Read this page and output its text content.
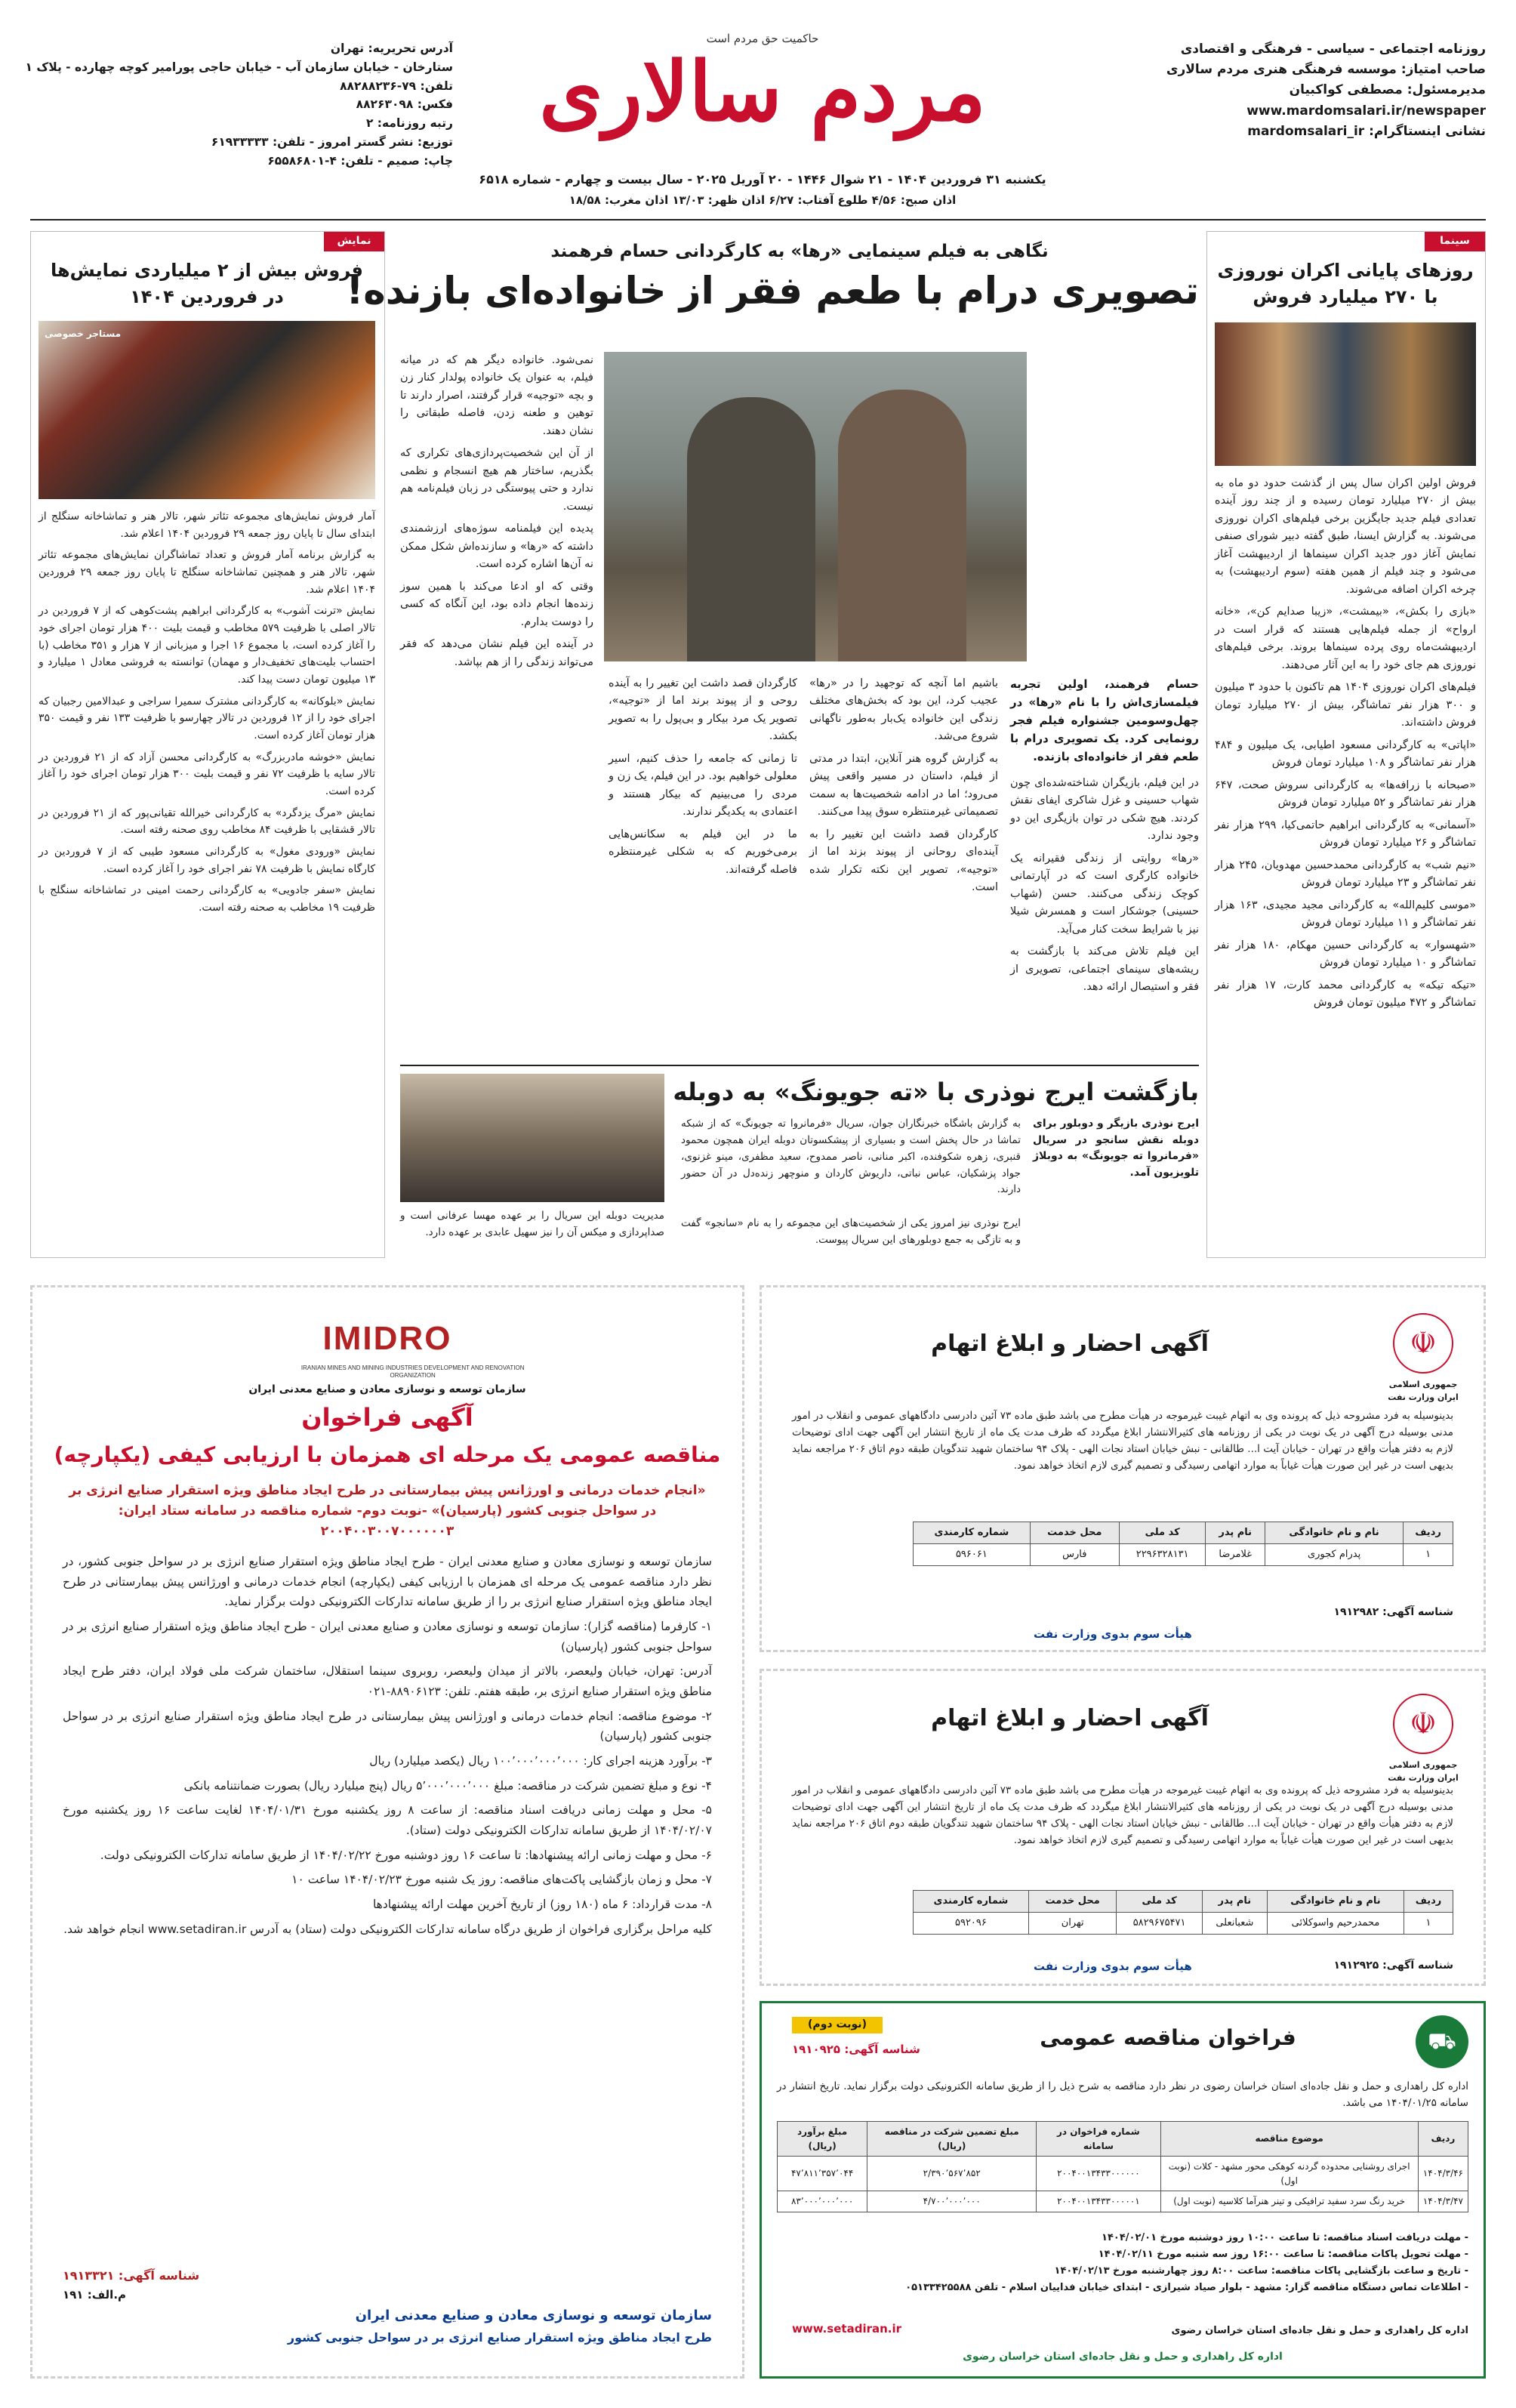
روزنامه اجتماعی - سیاسی - فرهنگی و اقتصادی
صاحب امتیاز: موسسه فرهنگی هنری مردم سالاری
مدیرمسئول: مصطفی کواکبیان
www.mardomsalari.ir/newspaper
نشانی اینستاگرام: mardomsalari_ir
حاکمیت حق مردم است
مردم سالاری
یکشنبه ۳۱ فروردین ۱۴۰۴ - ۲۱ شوال ۱۴۴۶ - ۲۰ آوریل ۲۰۲۵ - سال بیست و چهارم - شماره ۶۵۱۸
اذان صبح: ۴/۵۶ طلوع آفتاب: ۶/۲۷ اذان ظهر: ۱۳/۰۳ اذان مغرب: ۱۸/۵۸
آدرس تحریریه: تهران
ستارخان - خیابان سازمان آب - خیابان حاجی پورامیر کوچه چهارده - پلاک ۱
تلفن: ۷۹-۸۸۲۸۸۲۳۶
فکس: ۸۸۲۶۳۰۹۸
رتبه روزنامه: ۲
توزیع: نشر گستر امروز - تلفن: ۶۱۹۳۳۳۳۳
چاپ: صمیم - تلفن: ۴-۶۵۵۸۶۸۰۱
سینما
روزهای پایانی اکران نوروزی با ۲۷۰ میلیارد فروش

فروش اولین اکران سال پس از گذشت حدود دو ماه به بیش از ۲۷۰ میلیارد تومان رسیده و از چند روز آینده تعدادی فیلم جدید جایگزین برخی فیلم‌های اکران نوروزی می‌شوند. به گزارش ایسنا، طبق گفته دبیر شورای صنفی نمایش آغاز دور جدید اکران سینماها از اردیبهشت آغاز می‌شود و چند فیلم از همین هفته (سوم اردیبهشت) به چرخه اکران اضافه می‌شوند.

«بازی را بکش»، «بیمشت»، «زیبا صدایم کن»، «خانه ارواح» از جمله فیلم‌هایی هستند که قرار است در اردیبهشت‌ماه روی پرده سینماها بروند. برخی فیلم‌های نوروزی هم جای خود را به این آثار می‌دهند.

فیلم‌های اکران نوروزی ۱۴۰۴ هم تاکنون با حدود ۳ میلیون و ۳۰۰ هزار نفر تماشاگر، بیش از ۲۷۰ میلیارد تومان فروش داشته‌اند.

«اپاتی» به کارگردانی مسعود اطیابی، یک میلیون و ۴۸۴ هزار نفر تماشاگر و ۱۰۸ میلیارد تومان فروش

«صبحانه با زرافه‌ها» به کارگردانی سروش صحت، ۶۴۷ هزار نفر تماشاگر و ۵۲ میلیارد تومان فروش

«آسمانی» به کارگردانی ابراهیم حاتمی‌کیا، ۲۹۹ هزار نفر تماشاگر و ۲۶ میلیارد تومان فروش

«نیم شب» به کارگردانی محمدحسین مهدویان، ۲۴۵ هزار نفر تماشاگر و ۲۳ میلیارد تومان فروش

«موسی کلیم‌الله» به کارگردانی مجید مجیدی، ۱۶۳ هزار نفر تماشاگر و ۱۱ میلیارد تومان فروش

«شهسوار» به کارگردانی حسین مهکام، ۱۸۰ هزار نفر تماشاگر و ۱۰ میلیارد تومان فروش

«تیکه تیکه» به کارگردانی محمد کارت، ۱۷ هزار نفر تماشاگر و ۴۷۲ میلیون تومان فروش

نمایش
فروش بیش از ۲ میلیاردی نمایش‌ها در فروردین ۱۴۰۴
مستاجر خصوصی

آمار فروش نمایش‌های مجموعه تئاتر شهر، تالار هنر و تماشاخانه سنگلج از ابتدای سال تا پایان روز جمعه ۲۹ فروردین ۱۴۰۴ اعلام شد.

به گزارش برنامه آمار فروش و تعداد تماشاگران نمایش‌های مجموعه تئاتر شهر، تالار هنر و همچنین تماشاخانه سنگلج تا پایان روز جمعه ۲۹ فروردین ۱۴۰۴ اعلام شد.

نمایش «ترنت آشوب» به کارگردانی ابراهیم پشت‌کوهی که از ۷ فروردین در تالار اصلی با ظرفیت ۵۷۹ مخاطب و قیمت بلیت ۴۰۰ هزار تومان اجرای خود را آغاز کرده است، با مجموع ۱۶ اجرا و میزبانی از ۷ هزار و ۳۵۱ مخاطب (با احتساب بلیت‌های تخفیف‌دار و مهمان) توانسته به فروشی معادل ۱ میلیارد و ۱۳ میلیون تومان دست پیدا کند.

نمایش «بلوکانه» به کارگردانی مشترک سمیرا سراجی و عبدالامین رجبیان که اجرای خود را از ۱۲ فروردین در تالار چهارسو با ظرفیت ۱۳۳ نفر و قیمت ۳۵۰ هزار تومان آغاز کرده است.

نمایش «خوشه مادربزرگ» به کارگردانی محسن آزاد که از ۲۱ فروردین در تالار سایه با ظرفیت ۷۲ نفر و قیمت بلیت ۳۰۰ هزار تومان اجرای خود را آغاز کرده است.

نمایش «مرگ یزدگرد» به کارگردانی خیرالله تقیانی‌پور که از ۲۱ فروردین در تالار قشقایی با ظرفیت ۸۴ مخاطب روی صحنه رفته است.

نمایش «ورودی مغول» به کارگردانی مسعود طیبی که از ۷ فروردین در کارگاه نمایش با ظرفیت ۷۸ نفر اجرای خود را آغاز کرده است.

نمایش «سفر جادویی» به کارگردانی رحمت امینی در تماشاخانه سنگلج با ظرفیت ۱۹ مخاطب به صحنه رفته است.

نگاهی به فیلم سینمایی «رها» به کارگردانی حسام فرهمند
تصویری درام با طعم فقر از خانواده‌ای بازنده!
حسام فرهمند، اولین تجربه فیلمسازی‌اش را با نام «رها» در چهل‌وسومین جشنواره فیلم فجر رونمایی کرد. یک تصویری درام با طعم فقر از خانواده‌ای بازنده.

در این فیلم، بازیگران شناخته‌شده‌ای چون شهاب حسینی و غزل شاکری ایفای نقش کردند. هیچ شکی در توان بازیگری این دو وجود ندارد.

«رها» روایتی از زندگی فقیرانه یک خانواده کارگری است که در آپارتمانی کوچک زندگی می‌کنند. حسن (شهاب حسینی) جوشکار است و همسرش شیلا نیز با شرایط سخت کنار می‌آید.

این فیلم تلاش می‌کند با بازگشت به ریشه‌های سینمای اجتماعی، تصویری از فقر و استیصال ارائه دهد.

باشیم اما آنچه که توجهید را در «رها» عجیب کرد، این بود که بخش‌های مختلف زندگی این خانواده یک‌بار به‌طور ناگهانی شروع می‌شد.

به گزارش گروه هنر آنلاین، ابتدا در مدتی از فیلم، داستان در مسیر واقعی پیش می‌رود؛ اما در ادامه شخصیت‌ها به سمت تصمیماتی غیرمنتظره سوق پیدا می‌کنند.

کارگردان قصد داشت این تغییر را به آینده‌ای روحانی از پیوند بزند اما از «توجیه»، تصویر این نکته تکرار شده است.

کارگردان قصد داشت این تغییر را به آینده روحی و از پیوند برند اما از «توجیه»، تصویر یک مرد بیکار و بی‌پول را به تصویر بکشد.

تا زمانی که جامعه را حذف کنیم، اسیر معلولی خواهیم بود. در این فیلم، یک زن و مردی را می‌بینیم که بیکار هستند و اعتمادی به یکدیگر ندارند.

ما در این فیلم به سکانس‌هایی برمی‌خوریم که به شکلی غیرمنتظره فاصله گرفته‌اند.

نمی‌شود. خانواده دیگر هم که در میانه فیلم، به عنوان یک خانواده پولدار کنار زن و بچه «توجیه» قرار گرفتند، اصرار دارند تا توهین و طعنه زدن، فاصله طبقاتی را نشان دهند.

از آن این شخصیت‌پردازی‌های تکراری که بگذریم، ساختار هم هیچ انسجام و نظمی ندارد و حتی پیوستگی در زبان فیلم‌نامه هم نیست.

پدیده این فیلمنامه سوژه‌های ارزشمندی داشته که «رها» و سازنده‌اش شکل ممکن نه آن‌ها اشاره کرده است.

وقتی که او ادعا می‌کند با همین سوز زنده‌ها انجام داده بود، این آنگاه که کسی را دوست بدارم.

در آینده این فیلم نشان می‌دهد که فقر می‌تواند زندگی را از هم بپاشد.

بازگشت ایرج نوذری با «ته جویونگ» به دوبله
ایرج نوذری بازیگر و دوبلور برای دوبله نقش سانجو در سریال «فرمانروا ته جویونگ» به دوبلاژ تلویزیون آمد.
به گزارش باشگاه خبرنگاران جوان، سریال «فرمانروا ته جویونگ» که از شبکه تماشا در حال پخش است و بسیاری از پیشکسوتان دوبله ایران همچون محمود قنبری، زهره شکوفنده، اکبر منانی، ناصر ممدوح، سعید مظفری، مینو غزنوی، جواد پزشکیان، عباس نباتی، داریوش کاردان و منوچهر زنده‌دل در آن حضور دارند.
مدیریت دوبله این سریال را بر عهده مهسا عرفانی است و صداپردازی و میکس آن را نیز سهیل عابدی بر عهده دارد.
ایرج نوذری نیز امروز یکی از شخصیت‌های این مجموعه را به نام «سانجو» گفت و به تازگی به جمع دوبلورهای این سریال پیوست.
IMIDRO
IRANIAN MINES AND MINING INDUSTRIES DEVELOPMENT AND RENOVATION ORGANIZATION
سازمان توسعه و نوسازی معادن و صنایع معدنی ایران
آگهی فراخوان
مناقصه عمومی یک مرحله ای همزمان با ارزیابی کیفی (یکپارچه)
«انجام خدمات درمانی و اورژانس پیش بیمارستانی در طرح ایجاد مناطق ویژه استقرار صنایع انرژی بر در سواحل جنوبی کشور (پارسیان)» -نوبت دوم- شماره مناقصه در سامانه ستاد ایران: ۲۰۰۴۰۰۳۰۰۷۰۰۰۰۰۰۳

سازمان توسعه و نوسازی معادن و صنایع معدنی ایران - طرح ایجاد مناطق ویژه استقرار صنایع انرژی بر در سواحل جنوبی کشور، در نظر دارد مناقصه عمومی یک مرحله ای همزمان با ارزیابی کیفی (یکپارچه) انجام خدمات درمانی و اورژانس پیش بیمارستانی در طرح ایجاد مناطق ویژه استقرار صنایع انرژی بر را از طریق سامانه تدارکات الکترونیکی دولت برگزار نماید.

۱- کارفرما (مناقصه گزار): سازمان توسعه و نوسازی معادن و صنایع معدنی ایران - طرح ایجاد مناطق ویژه استقرار صنایع انرژی بر در سواحل جنوبی کشور (پارسیان)

آدرس: تهران، خیابان ولیعصر، بالاتر از میدان ولیعصر، روبروی سینما استقلال، ساختمان شرکت ملی فولاد ایران، دفتر طرح ایجاد مناطق ویژه استقرار صنایع انرژی بر، طبقه هفتم. تلفن: ۸۸۹۰۶۱۲۳-۰۲۱

۲- موضوع مناقصه: انجام خدمات درمانی و اورژانس پیش بیمارستانی در طرح ایجاد مناطق ویژه استقرار صنایع انرژی بر در سواحل جنوبی کشور (پارسیان)

۳- برآورد هزینه اجرای کار: ۱۰۰٬۰۰۰٬۰۰۰٬۰۰۰ ریال (یکصد میلیارد) ریال

۴- نوع و مبلغ تضمین شرکت در مناقصه: مبلغ ۵٬۰۰۰٬۰۰۰٬۰۰۰ ریال (پنج میلیارد ریال) بصورت ضمانتنامه بانکی

۵- محل و مهلت زمانی دریافت اسناد مناقصه: از ساعت ۸ روز یکشنبه مورخ ۱۴۰۴/۰۱/۳۱ لغایت ساعت ۱۶ روز یکشنبه مورخ ۱۴۰۴/۰۲/۰۷ از طریق سامانه تدارکات الکترونیکی دولت (ستاد).

۶- محل و مهلت زمانی ارائه پیشنهادها: تا ساعت ۱۶ روز دوشنبه مورخ ۱۴۰۴/۰۲/۲۲ از طریق سامانه تدارکات الکترونیکی دولت.

۷- محل و زمان بازگشایی پاکت‌های مناقصه: روز یک شنبه مورخ ۱۴۰۴/۰۲/۲۳ ساعت ۱۰

۸- مدت قرارداد: ۶ ماه (۱۸۰ روز) از تاریخ آخرین مهلت ارائه پیشنهادها

کلیه مراحل برگزاری فراخوان از طریق درگاه سامانه تدارکات الکترونیکی دولت (ستاد) به آدرس www.setadiran.ir انجام خواهد شد.

شناسه آگهی: ۱۹۱۳۳۲۱
م.الف: ۱۹۱
سازمان توسعه و نوسازی معادن و صنایع معدنی ایران
طرح ایجاد مناطق ویژه استقرار صنایع انرژی بر در سواحل جنوبی کشور
☫
جمهوری اسلامی ایران وزارت نفت
آگهی احضار و ابلاغ اتهام
بدینوسیله به فرد مشروحه ذیل که پرونده وی به اتهام غیبت غیرموجه در هیأت مطرح می باشد طبق ماده ۷۳ آئین دادرسی دادگاههای عمومی و انقلاب در امور مدنی بوسیله درج آگهی در یک نوبت در یکی از روزنامه های کثیرالانتشار ابلاغ میگردد که ظرف مدت یک ماه از تاریخ انتشار این آگهی جهت ادای توضیحات لازم به دفتر هیأت واقع در تهران - خیابان آیت ا... طالقانی - نبش خیابان استاد نجات الهی - پلاک ۹۴ ساختمان شهید تندگویان طبقه دوم اتاق ۲۰۶ مراجعه نماید بدیهی است در غیر این صورت هیأت غیاباً به موارد اتهامی رسیدگی و تصمیم گیری لازم اتخاذ خواهد نمود.
ردیف	نام و نام خانوادگی	نام پدر	کد ملی	محل خدمت	شماره کارمندی
۱	پدرام کجوری	غلامرضا	۲۲۹۶۳۲۸۱۳۱	فارس	۵۹۶۰۶۱
شناسه آگهی: ۱۹۱۲۹۸۲
هیأت سوم بدوی وزارت نفت
☫
جمهوری اسلامی ایران وزارت نفت
آگهی احضار و ابلاغ اتهام
بدینوسیله به فرد مشروحه ذیل که پرونده وی به اتهام غیبت غیرموجه در هیأت مطرح می باشد طبق ماده ۷۳ آئین دادرسی دادگاههای عمومی و انقلاب در امور مدنی بوسیله درج آگهی در یک نوبت در یکی از روزنامه های کثیرالانتشار ابلاغ میگردد که ظرف مدت یک ماه از تاریخ انتشار این آگهی جهت ادای توضیحات لازم به دفتر هیأت واقع در تهران - خیابان آیت ا... طالقانی - نبش خیابان استاد نجات الهی - پلاک ۹۴ ساختمان شهید تندگویان طبقه دوم اتاق ۲۰۶ مراجعه نماید بدیهی است در غیر این صورت هیأت غیاباً به موارد اتهامی رسیدگی و تصمیم گیری لازم اتخاذ خواهد نمود.
ردیف	نام و نام خانوادگی	نام پدر	کد ملی	محل خدمت	شماره کارمندی
۱	محمدرحیم واسوکلائی	شعبانعلی	۵۸۲۹۶۷۵۴۷۱	تهران	۵۹۲۰۹۶
شناسه آگهی: ۱۹۱۲۹۲۵
هیأت سوم بدوی وزارت نفت
⛟
فراخوان مناقصه عمومی
(نوبت دوم)
شناسه آگهی: ۱۹۱۰۹۲۵
اداره کل راهداری و حمل و نقل جاده‌ای استان خراسان رضوی در نظر دارد مناقصه به شرح ذیل را از طریق سامانه الکترونیکی دولت برگزار نماید. تاریخ انتشار در سامانه ۱۴۰۴/۰۱/۲۵ می باشد.
ردیف	موضوع مناقصه	شماره فراخوان در سامانه	مبلغ تضمین شرکت در مناقصه (ریال)	مبلغ برآورد (ریال)
۱۴۰۴/۳/۴۶	اجرای روشنایی محدوده گردنه کوهکی محور مشهد - کلات (نوبت اول)	۲۰۰۴۰۰۱۳۴۳۳۰۰۰۰۰۰	۲/۳۹۰٬۵۶۷٬۸۵۲	۴۷٬۸۱۱٬۳۵۷٬۰۴۴
۱۴۰۴/۳/۴۷	خرید رنگ سرد سفید ترافیکی و تینر هنرآما کلاسیه (نوبت اول)	۲۰۰۴۰۰۱۳۴۳۳۰۰۰۰۰۱	۴/۷۰۰٬۰۰۰٬۰۰۰	۸۳٬۰۰۰٬۰۰۰٬۰۰۰
- مهلت دریافت اسناد مناقصه: تا ساعت ۱۰:۰۰ روز دوشنبه مورخ ۱۴۰۴/۰۲/۰۱
- مهلت تحویل پاکات مناقصه: تا ساعت ۱۶:۰۰ روز سه شنبه مورخ ۱۴۰۴/۰۲/۱۱
- تاریخ و ساعت بازگشایی پاکات مناقصه: ساعت ۸:۰۰ روز چهارشنبه مورخ ۱۴۰۴/۰۲/۱۳
- اطلاعات تماس دستگاه مناقصه گزار: مشهد - بلوار صیاد شیرازی - ابتدای خیابان فداییان اسلام - تلفن ۰۵۱۳۳۴۲۵۵۸۸
www.setadiran.ir	اداره کل راهداری و حمل و نقل جاده‌ای استان خراسان رضوی
اداره کل راهداری و حمل و نقل جاده‌ای استان خراسان رضوی
